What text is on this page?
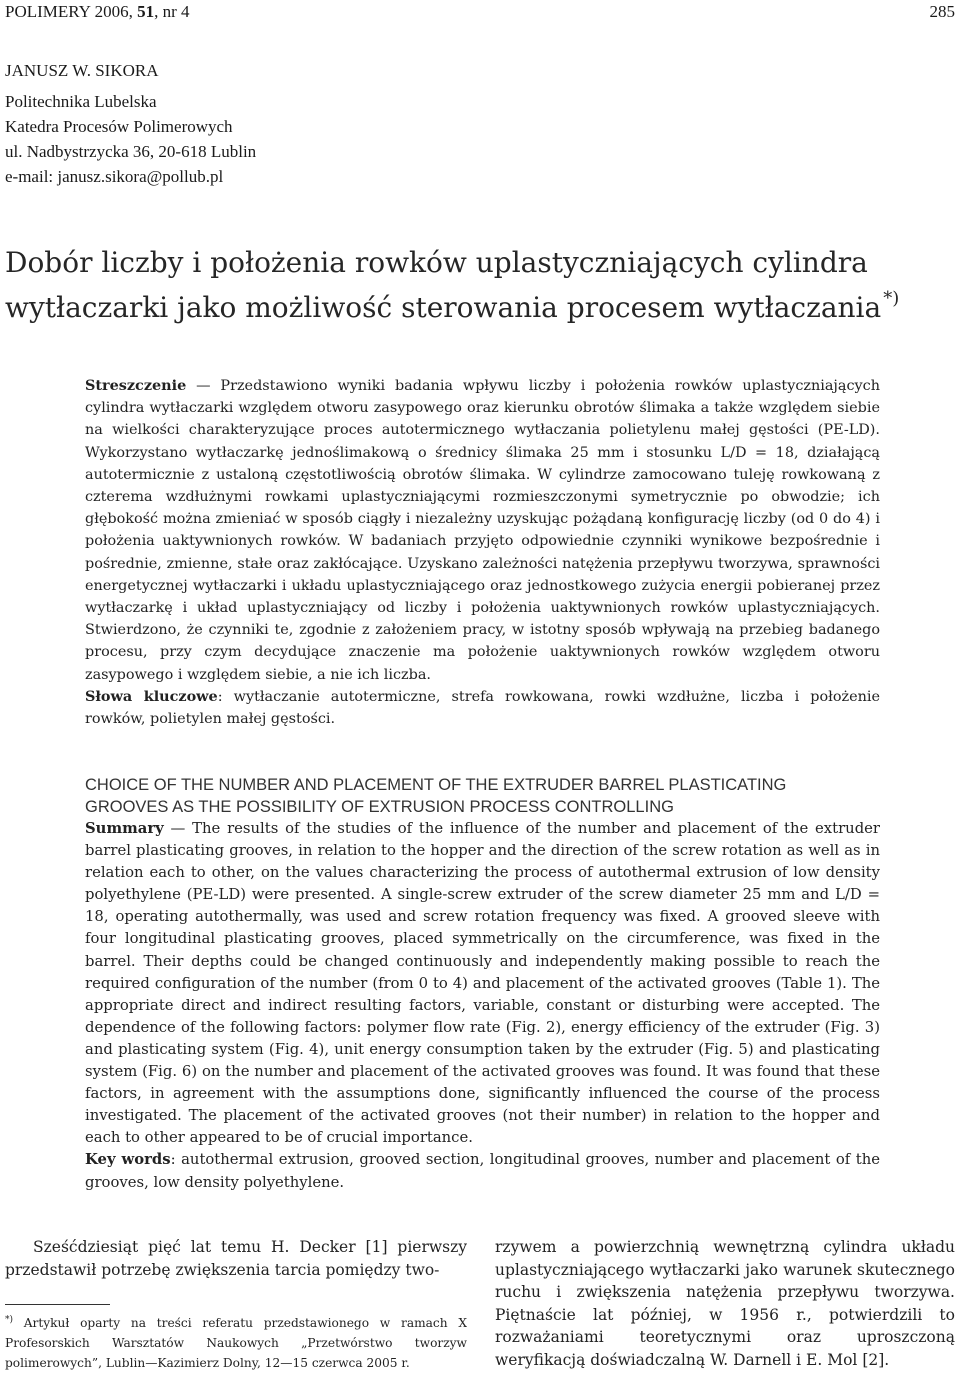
POLIMERY 2006, 51, nr 4	285
JANUSZ W. SIKORA
Politechnika Lubelska
Katedra Procesów Polimerowych
ul. Nadbystrzycka 36, 20-618 Lublin
e-mail: janusz.sikora@pollub.pl
Dobór liczby i położenia rowków uplastyczniających cylindra
wytłaczarki jako możliwość sterowania procesem wytłaczania *)

Streszczenie — Przedstawiono wyniki badania wpływu liczby i położenia rowków uplastyczniających cylindra wytłaczarki względem otworu zasypowego oraz kierunku obrotów ślimaka a także względem siebie na wielkości charakteryzujące proces autotermicznego wytłaczania polietylenu małej gęstości (PE-LD). Wykorzystano wytłaczarkę jednoślimakową o średnicy ślimaka 25 mm i stosunku L/D = 18, działającą autotermicznie z ustaloną częstotliwością obrotów ślimaka. W cylindrze zamocowano tuleję rowkowaną z czterema wzdłużnymi rowkami uplastyczniającymi rozmieszczonymi symetrycznie po obwodzie; ich głębokość można zmieniać w sposób ciągły i niezależny uzyskując pożądaną konfigurację liczby (od 0 do 4) i położenia uaktywnionych rowków. W badaniach przyjęto odpowiednie czynniki wynikowe bezpośrednie i pośrednie, zmienne, stałe oraz zakłócające. Uzyskano zależności natężenia przepływu tworzywa, sprawności energetycznej wytłaczarki i układu uplastyczniającego oraz jednostkowego zużycia energii pobieranej przez wytłaczarkę i układ uplastyczniający od liczby i położenia uaktywnionych rowków uplastyczniających. Stwierdzono, że czynniki te, zgodnie z założeniem pracy, w istotny sposób wpływają na przebieg badanego procesu, przy czym decydujące znaczenie ma położenie uaktywnionych rowków względem otworu zasypowego i względem siebie, a nie ich liczba.

Słowa kluczowe: wytłaczanie autotermiczne, strefa rowkowana, rowki wzdłużne, liczba i położenie rowków, polietylen małej gęstości.

CHOICE OF THE NUMBER AND PLACEMENT OF THE EXTRUDER BARREL PLASTICATING
GROOVES AS THE POSSIBILITY OF EXTRUSION PROCESS CONTROLLING

Summary — The results of the studies of the influence of the number and placement of the extruder barrel plasticating grooves, in relation to the hopper and the direction of the screw rotation as well as in relation each to other, on the values characterizing the process of autothermal extrusion of low density polyethylene (PE-LD) were presented. A single-screw extruder of the screw diameter 25 mm and L/D = 18, operating autothermally, was used and screw rotation frequency was fixed. A grooved sleeve with four longitudinal plasticating grooves, placed symmetrically on the circumference, was fixed in the barrel. Their depths could be changed continuously and independently making possible to reach the required configuration of the number (from 0 to 4) and placement of the activated grooves (Table 1). The appropriate direct and indirect resulting factors, variable, constant or disturbing were accepted. The dependence of the following factors: polymer flow rate (Fig. 2), energy efficiency of the extruder (Fig. 3) and plasticating system (Fig. 4), unit energy consumption taken by the extruder (Fig. 5) and plasticating system (Fig. 6) on the number and placement of the activated grooves was found. It was found that these factors, in agreement with the assumptions done, significantly influenced the course of the process investigated. The placement of the activated grooves (not their number) in relation to the hopper and each to other appeared to be of crucial importance.

Key words: autothermal extrusion, grooved section, longitudinal grooves, number and placement of the grooves, low density polyethylene.

Sześćdziesiąt pięć lat temu H. Decker [1] pierwszy przedstawił potrzebę zwiększenia tarcia pomiędzy two-

*) Artykuł oparty na treści referatu przedstawionego w ramach X Profesorskich Warsztatów Naukowych „Przetwórstwo tworzyw polimerowych”, Lublin—Kazimierz Dolny, 12—15 czerwca 2005 r.

rzywem a powierzchnią wewnętrzną cylindra układu uplastyczniającego wytłaczarki jako warunek skutecznego ruchu i zwiększenia natężenia przepływu tworzywa. Piętnaście lat później, w 1956 r., potwierdzili to rozważaniami teoretycznymi oraz uproszczoną weryfikacją doświadczalną W. Darnell i E. Mol [2].
